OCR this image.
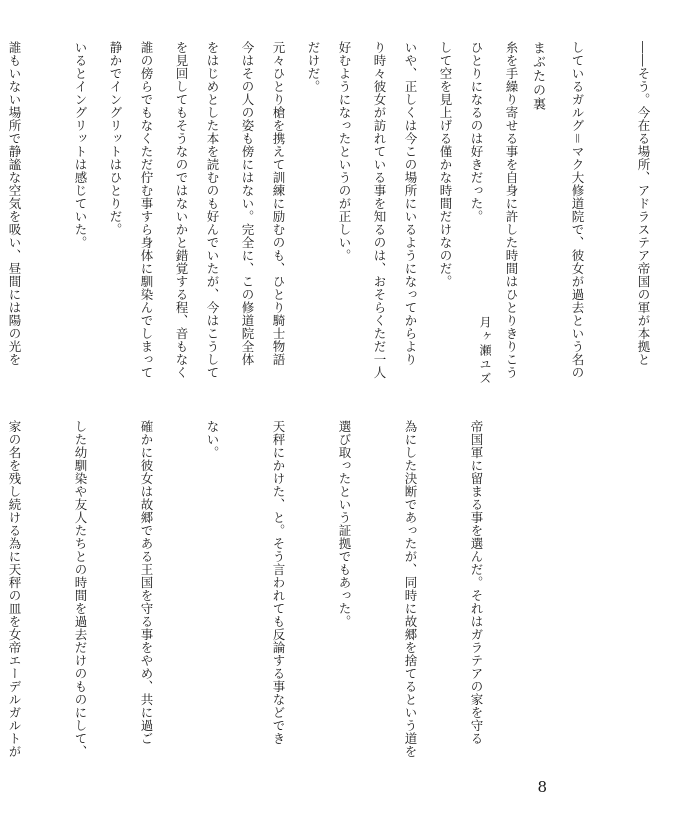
まぶたの裏

ひとりになるのは好きだった。

いや、正しくは今この場所にいるようになってからより

好むようになったというのが正しい。

元々ひとり槍を携えて訓練に励むのも、ひとり騎士物語

をはじめとした本を読むのも好んでいたが、今はこうして

誰の傍らでもなくただ佇む事すら身体に馴染んでしまって

いるとイングリットは感じていた。

誰もいない場所で静謐な空気を吸い、昼間には陽の光を

	――そう。今在る場所、アドラステア帝国の軍が本拠と

しているガルグ＝マク大修道院で、彼女が過去という名の

糸を手繰り寄せる事を自身に許した時間はひとりきりこう

して空を見上げる僅かな時間だけなのだ。

り時々彼女が訪れている事を知るのは、おそらくただ一人

だけだ。

今はその人の姿も傍にはない。完全に、この修道院全体

を見回してもそうなのではないかと錯覚する程、音もなく

静かでイングリットはひとりだ。

月ヶ瀬ユズ

帝国軍に留まる事を選んだ。それはガラテアの家を守る

為にした決断であったが、同時に故郷を捨てるという道を

選び取ったという証拠でもあった。

天秤にかけた、と。そう言われても反論する事などでき

ない。

確かに彼女は故郷である王国を守る事をやめ、共に過ご

した幼馴染や友人たちとの時間を過去だけのものにして、

家の名を残し続ける為に天秤の皿を女帝エーデルガルトが

8
